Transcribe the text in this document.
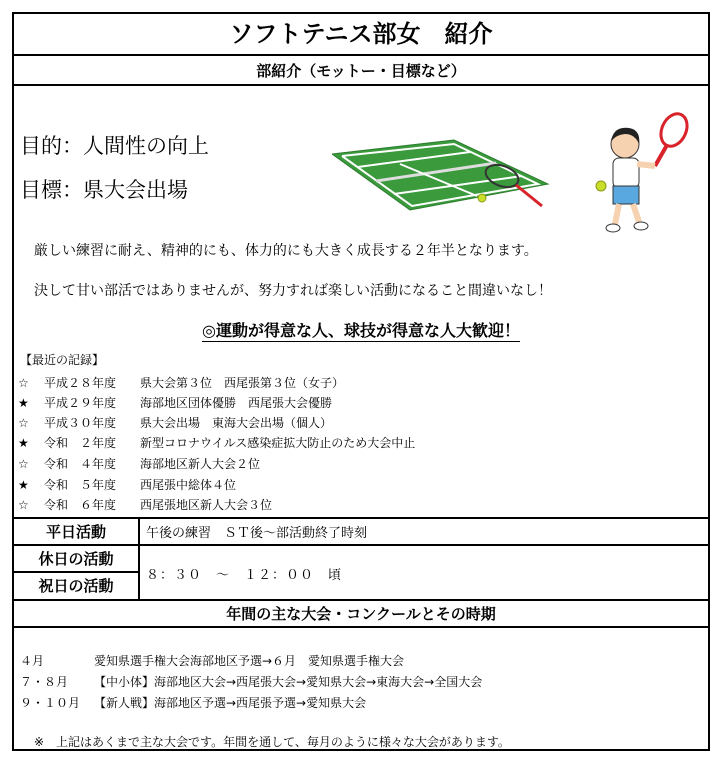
ソフトテニス部女　紹介
部紹介（モットー・目標など）
目的：人間性の向上
目標：県大会出場
厳しい練習に耐え、精神的にも、体力的にも大きく成長する２年半となります。
決して甘い部活ではありませんが、努力すれば楽しい活動になること間違いなし！
◎運動が得意な人、球技が得意な人大歓迎！
【最近の記録】
☆ 平成２８年度 県大会第３位　西尾張第３位（女子）
★ 平成２９年度 海部地区団体優勝　西尾張大会優勝
☆ 平成３０年度 県大会出場　東海大会出場（個人）
★ 令和　２年度 新型コロナウイルス感染症拡大防止のため大会中止
☆ 令和　４年度 海部地区新人大会２位
★ 令和　５年度 西尾張中総体４位
☆ 令和　６年度 西尾張地区新人大会３位
平日活動	午後の練習　ＳＴ後～部活動終了時刻
休日の活動
祝日の活動
８：３０　～　１２：００　頃
年間の主な大会・コンクールとその時期
４月	愛知県選手権大会海部地区予選→６月　愛知県選手権大会
７・８月 【中小体】海部地区大会→西尾張大会→愛知県大会→東海大会→全国大会
９・１０月 【新人戦】海部地区予選→西尾張予選→愛知県大会
※　上記はあくまで主な大会です。年間を通して、毎月のように様々な大会があります。
